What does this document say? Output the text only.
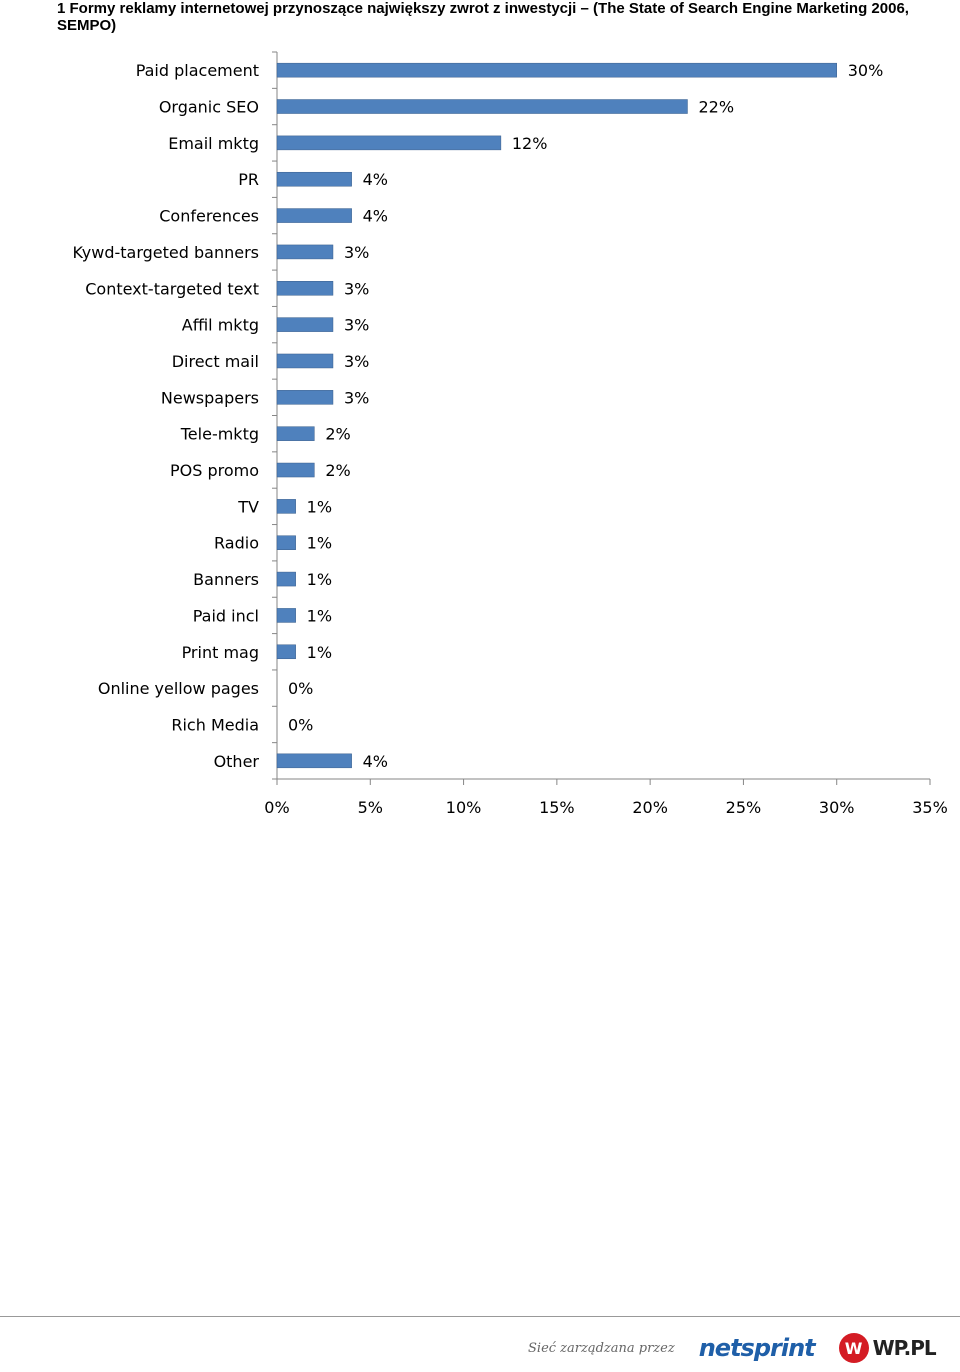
1 Formy reklamy internetowej przynoszące największy zwrot z inwestycji – (The State of Search Engine Marketing 2006, SEMPO)
0%	5%	10%	15%	20%	25%	30%	35%
Paid placement	30%
Organic SEO	22%
Email mktg	12%
PR	4%
Conferences	4%
Kywd-targeted banners	3%
Context-targeted text	3%
Affil mktg	3%
Direct mail	3%
Newspapers	3%
Tele-mktg	2%
POS promo	2%
TV	1%
Radio	1%
Banners	1%
Paid incl	1%
Print mag	1%
Online yellow pages 0%
Rich Media 0%
Other	4%
Sieć zarządzana przez netsprint	W WP.PL
